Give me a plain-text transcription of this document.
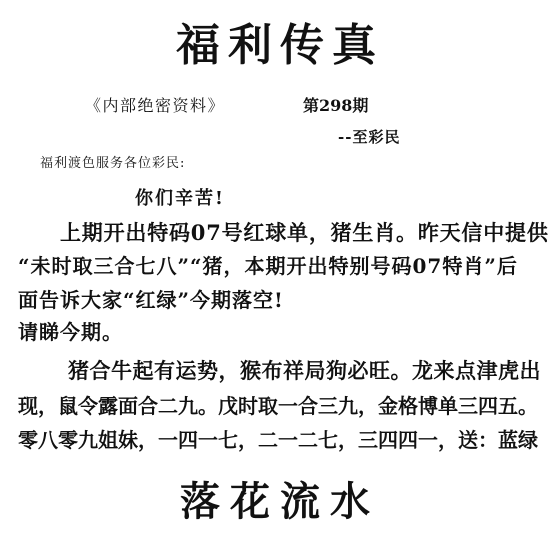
福利传真
《内部绝密资料》	第298期
--至彩民
福利渡色服务各位彩民:
你们辛苦!
上期开出特码07号红球单，猪生肖。昨天信中提供
“未时取三合七八”“猪，本期开出特别号码07特肖”后
面告诉大家“红绿”今期落空!
请睇今期。
猪合牛起有运势，猴布祥局狗必旺。龙来点津虎出
现，鼠令露面合二九。戊时取一合三九，金格博单三四五。
零八零九姐妹，一四一七，二一二七，三四四一，送：蓝绿
落花流水
